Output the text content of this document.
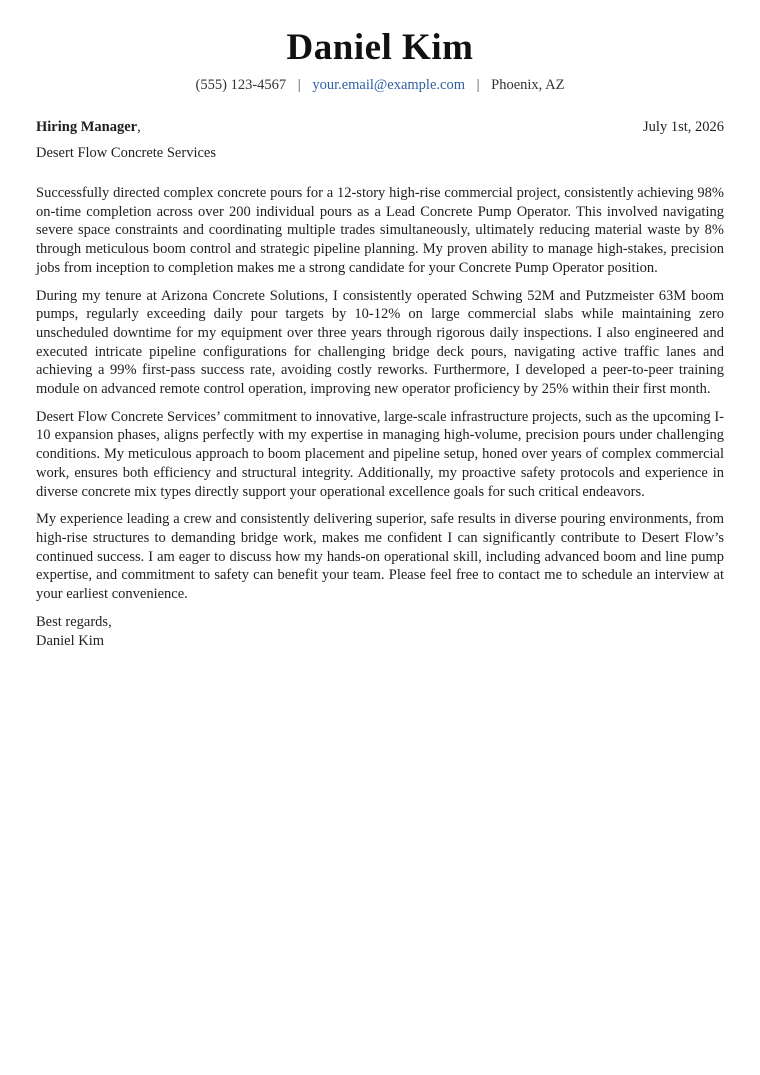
Daniel Kim
(555) 123-4567 | your.email@example.com | Phoenix, AZ
Hiring Manager,	July 1st, 2026
Desert Flow Concrete Services

Successfully directed complex concrete pours for a 12-story high-rise commercial project, consistently achieving 98% on-time completion across over 200 individual pours as a Lead Concrete Pump Operator. This involved navigating severe space constraints and coordinating multiple trades simultaneously, ultimately reducing material waste by 8% through meticulous boom control and strategic pipeline planning. My proven ability to manage high-stakes, precision jobs from inception to completion makes me a strong candidate for your Concrete Pump Operator position.

During my tenure at Arizona Concrete Solutions, I consistently operated Schwing 52M and Putzmeister 63M boom pumps, regularly exceeding daily pour targets by 10-12% on large commercial slabs while maintaining zero unscheduled downtime for my equipment over three years through rigorous daily inspections. I also engineered and executed intricate pipeline configurations for challenging bridge deck pours, navigating active traffic lanes and achieving a 99% first-pass success rate, avoiding costly reworks. Furthermore, I developed a peer-to-peer training module on advanced remote control operation, improving new operator proficiency by 25% within their first month.

Desert Flow Concrete Services’ commitment to innovative, large-scale infrastructure projects, such as the upcoming I-10 expansion phases, aligns perfectly with my expertise in managing high-volume, precision pours under challenging conditions. My meticulous approach to boom placement and pipeline setup, honed over years of complex commercial work, ensures both efficiency and structural integrity. Additionally, my proactive safety protocols and experience in diverse concrete mix types directly support your operational excellence goals for such critical endeavors.

My experience leading a crew and consistently delivering superior, safe results in diverse pouring environments, from high-rise structures to demanding bridge work, makes me confident I can significantly contribute to Desert Flow’s continued success. I am eager to discuss how my hands-on operational skill, including advanced boom and line pump expertise, and commitment to safety can benefit your team. Please feel free to contact me to schedule an interview at your earliest convenience.

Best regards,
Daniel Kim
